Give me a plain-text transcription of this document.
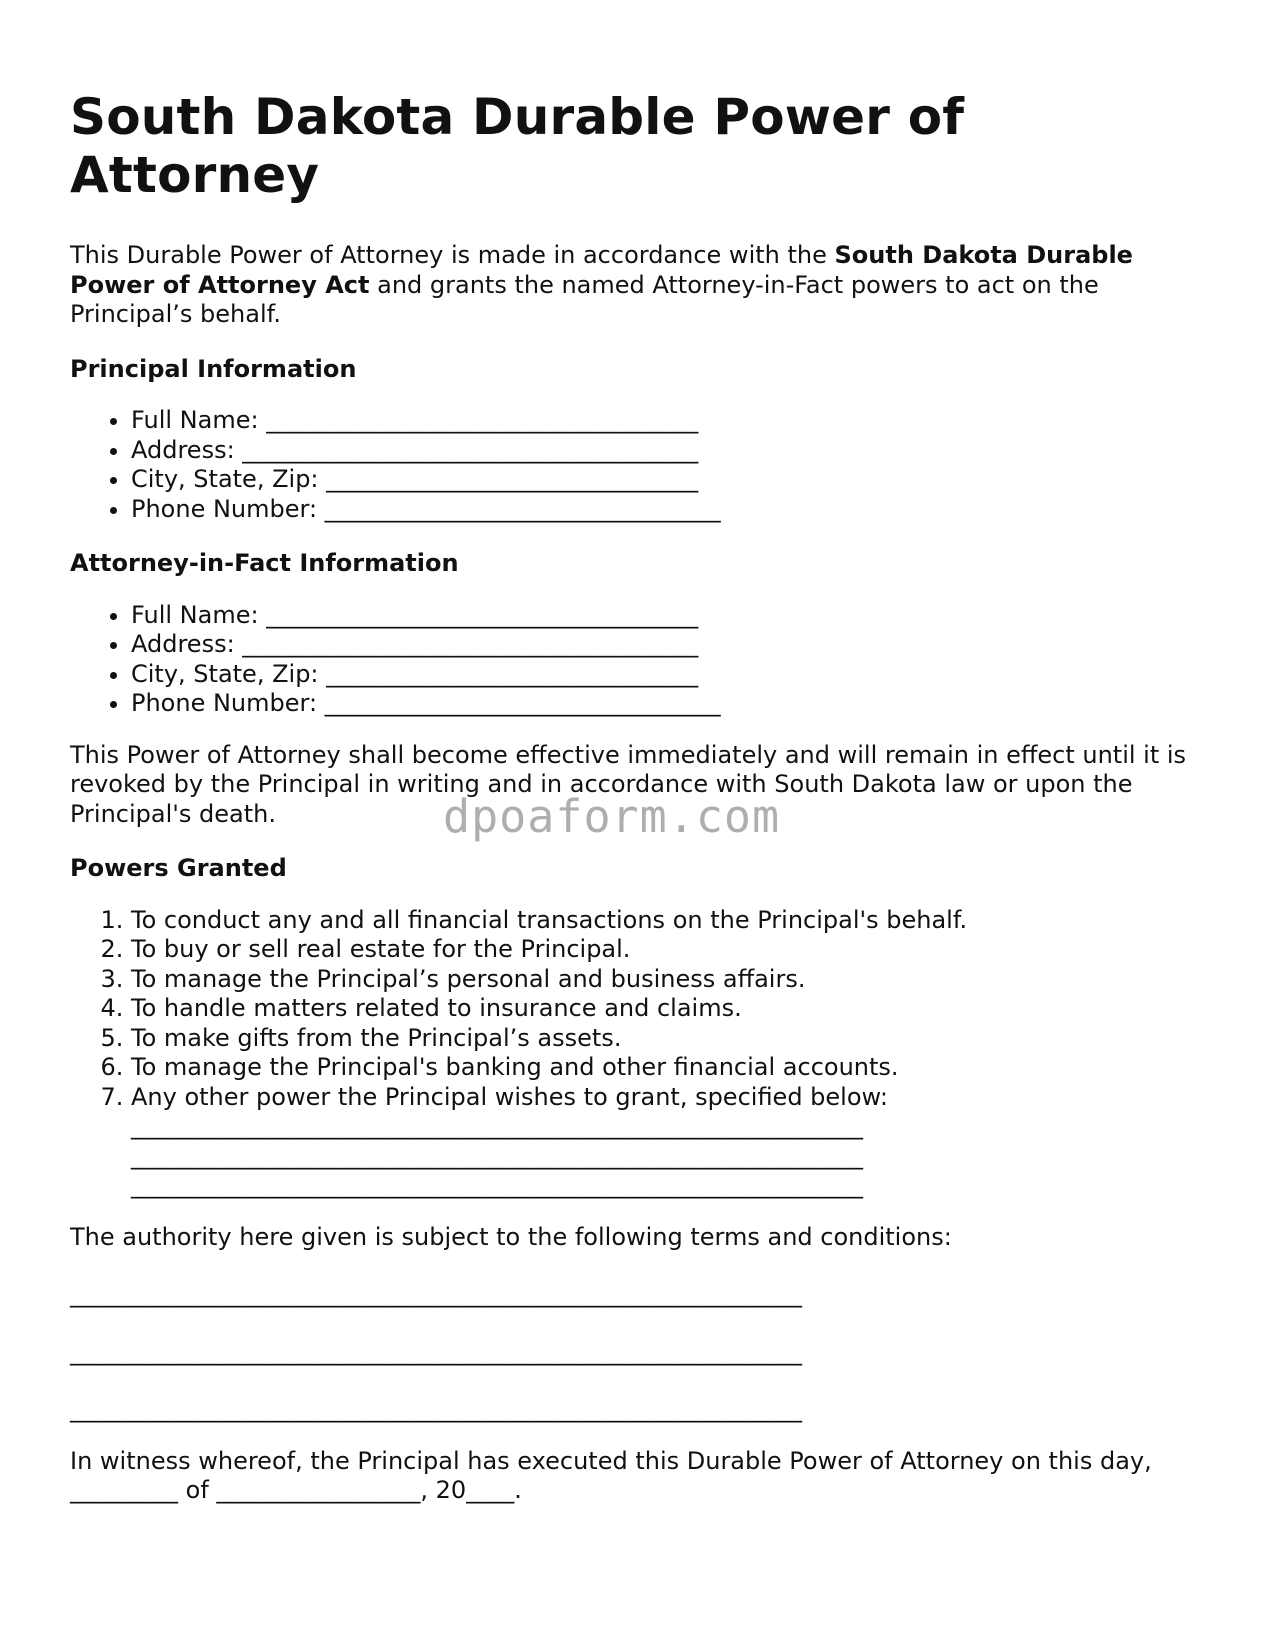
South Dakota Durable Power of Attorney

This Durable Power of Attorney is made in accordance with the South Dakota Durable Power of Attorney Act and grants the named Attorney-in-Fact powers to act on the Principal’s behalf.

Principal Information
• Full Name: ____________________________________
• Address: ______________________________________
• City, State, Zip: _______________________________
• Phone Number: _________________________________
Attorney-in-Fact Information
• Full Name: ____________________________________
• Address: ______________________________________
• City, State, Zip: _______________________________
• Phone Number: _________________________________

This Power of Attorney shall become effective immediately and will remain in effect until it is revoked by the Principal in writing and in accordance with South Dakota law or upon the Principal's death.

Powers Granted
1. To conduct any and all financial transactions on the Principal's behalf.
2. To buy or sell real estate for the Principal.
3. To manage the Principal’s personal and business affairs.
4. To handle matters related to insurance and claims.
5. To make gifts from the Principal’s assets.
6. To manage the Principal's banking and other financial accounts.
7. Any other power the Principal wishes to grant, specified below:
_____________________________________________________________
_____________________________________________________________
_____________________________________________________________

The authority here given is subject to the following terms and conditions:

_____________________________________________________________

_____________________________________________________________

_____________________________________________________________

In witness whereof, the Principal has executed this Durable Power of Attorney on this day, _________ of _________________, 20____.

dpoaform.com
